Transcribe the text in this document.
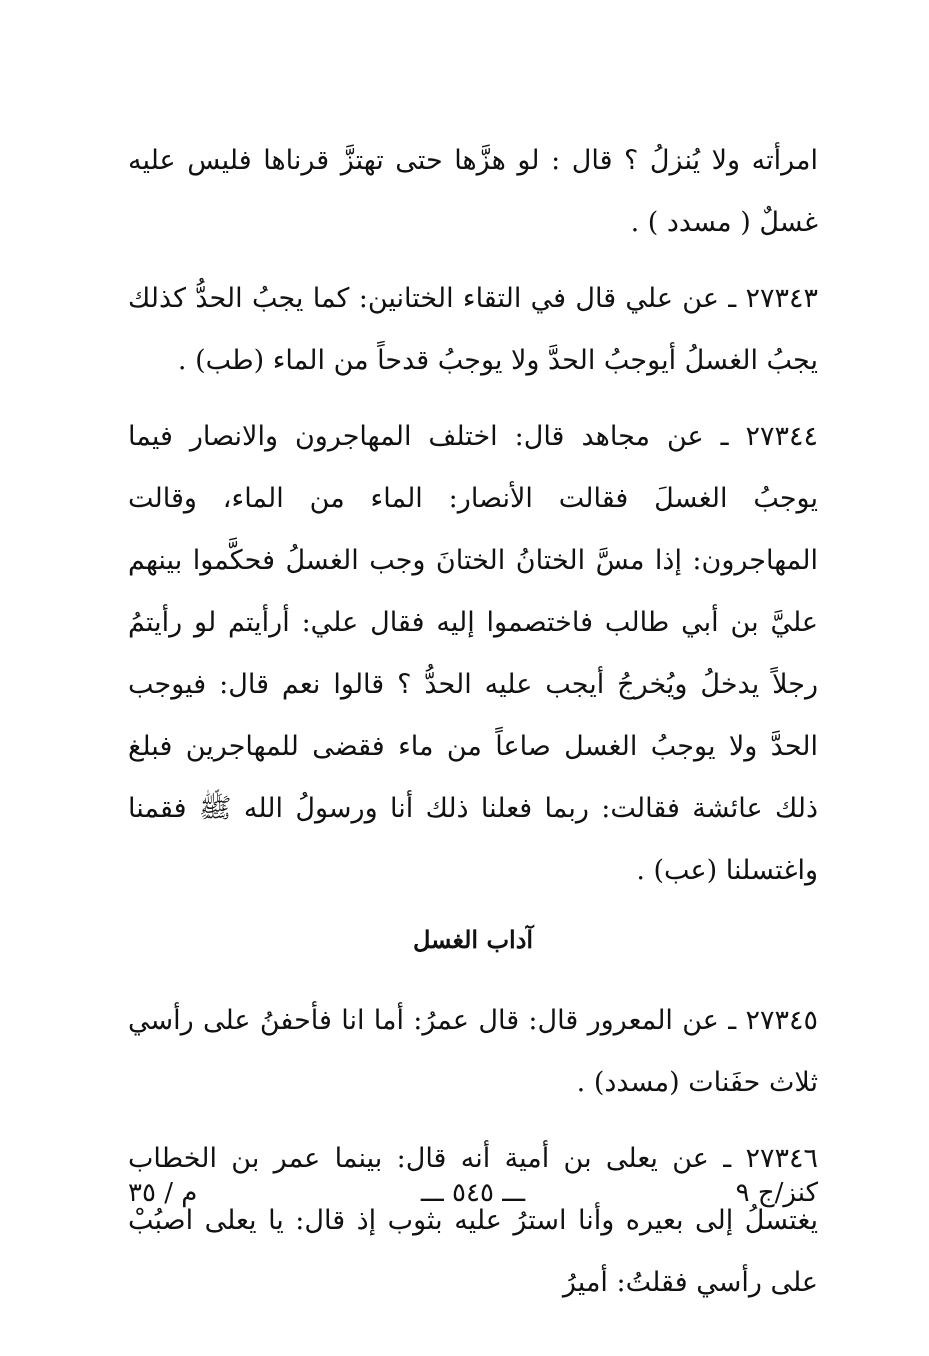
امرأته ولا يُنزلُ ؟ قال : لو هزَّها حتى تهتزَّ قرناها فليس عليه غسلٌ ( مسدد ) .

٢٧٣٤٣ ـ عن علي قال في التقاء الختانين: كما يجبُ الحدُّ كذلك يجبُ الغسلُ أيوجبُ الحدَّ ولا يوجبُ قدحاً من الماء (طب) .

٢٧٣٤٤ ـ عن مجاهد قال: اختلف المهاجرون والانصار فيما يوجبُ الغسلَ فقالت الأنصار: الماء من الماء، وقالت المهاجرون: إذا مسَّ الختانُ الختانَ وجب الغسلُ فحكَّموا بينهم عليَّ بن أبي طالب فاختصموا إليه فقال علي: أرأيتم لو رأيتمُ رجلاً يدخلُ ويُخرجُ أيجب عليه الحدُّ ؟ قالوا نعم قال: فيوجب الحدَّ ولا يوجبُ الغسل صاعاً من ماء فقضى للمهاجرين فبلغ ذلك عائشة فقالت: ربما فعلنا ذلك أنا ورسولُ الله ﷺ فقمنا واغتسلنا (عب) .

آداب الغسل

٢٧٣٤٥ ـ عن المعرور قال: قال عمرُ: أما انا فأحفنُ على رأسي ثلاث حفَنات (مسدد) .

٢٧٣٤٦ ـ عن يعلى بن أمية أنه قال: بينما عمر بن الخطاب يغتسلُ إلى بعيره وأنا استرُ عليه بثوب إذ قال: يا يعلى اصبُبْ على رأسي فقلتُ: أميرُ

كنز/ج ٩
ـــ ٥٤٥ ـــ
م / ٣٥
